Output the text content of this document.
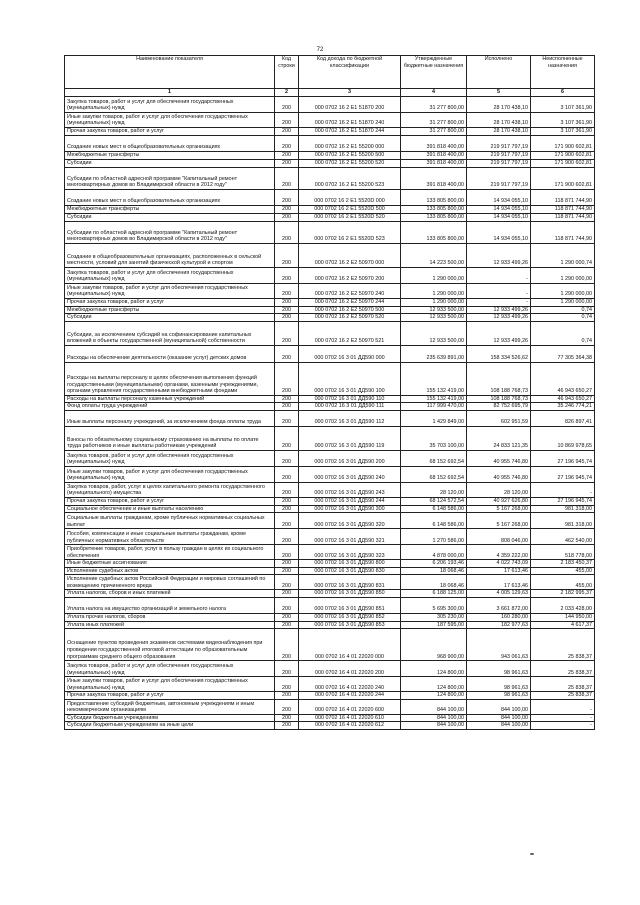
72
Наименование показателя	Код строки	Код дохода по бюджетной классификации	Утвержденные бюджетные назначения	Исполнено	Неисполненные назначения
1	2	3	4	5	6
Закупка товаров, работ и услуг для обеспечения государственных (муниципальных) нужд	200	000 0702 16 2 E1 51870 200	31 277 800,00	28 170 438,10	3 107 361,90
Иные закупки товаров, работ и услуг для обеспечения государственных (муниципальных) нужд	200	000 0702 16 2 E1 51870 240	31 277 800,00	28 170 438,10	3 107 361,90
Прочая закупка товаров, работ и услуг	200	000 0702 16 2 E1 51870 244	31 277 800,00	28 170 438,10	3 107 361,90
Создание новых мест в общеобразовательных организациях	200	000 0702 16 2 E1 55200 000	391 818 400,00	219 917 797,19	171 900 602,81
Межбюджетные трансферты	200	000 0702 16 2 E1 55200 500	391 818 400,00	219 917 797,19	171 900 602,81
Субсидии	200	000 0702 16 2 E1 55200 520	391 818 400,00	219 917 797,19	171 900 602,81
Субсидии по областной адресной программе "Капитальный ремонт многоквартирных домов во Владимирской области в 2012 году"	200	000 0702 16 2 E1 55200 523	391 818 400,00	219 917 797,19	171 900 602,81
Создание новых мест в общеобразовательных организациях	200	000 0702 16 2 E1 5520D 000	133 805 800,00	14 934 055,10	118 871 744,90
Межбюджетные трансферты	200	000 0702 16 2 E1 5520D 500	133 805 800,00	14 934 055,10	118 871 744,90
Субсидии	200	000 0702 16 2 E1 5520D 520	133 805 800,00	14 934 055,10	118 871 744,90
Субсидии по областной адресной программе "Капитальный ремонт многоквартирных домов во Владимирской области в 2012 году"	200	000 0702 16 2 E1 5520D 523	133 805 800,00	14 934 055,10	118 871 744,90
Создание в общеобразовательных организациях, расположенных в сельской местности, условий для занятий физической культурой и спортом	200	000 0702 16 2 E2 50970 000	14 223 500,00	12 933 499,26	1 290 000,74
Закупка товаров, работ и услуг для обеспечения государственных (муниципальных) нужд	200	000 0702 16 2 E2 50970 200	1 290 000,00	-	1 290 000,00
Иные закупки товаров, работ и услуг для обеспечения государственных (муниципальных) нужд	200	000 0702 16 2 E2 50970 240	1 290 000,00	-	1 290 000,00
Прочая закупка товаров, работ и услуг	200	000 0702 16 2 E2 50970 244	1 290 000,00	-	1 290 000,00
Межбюджетные трансферты	200	000 0702 16 2 E2 50970 500	12 933 500,00	12 933 499,26	0,74
Субсидии	200	000 0702 16 2 E2 50970 520	12 933 500,00	12 933 499,26	0,74
Субсидии, за исключением субсидий на софинансирование капитальных вложений в объекты государственной (муниципальной) собственности	200	000 0702 16 2 E2 50970 521	12 933 500,00	12 933 499,26	0,74
Расходы на обеспечение деятельности (оказание услуг) детских домов	200	000 0702 16 3 01 ДД590 000	235 639 891,00	158 334 526,62	77 305 364,38
Расходы на выплаты персоналу в целях обеспечения выполнения функций государственными (муниципальными) органами, казенными учреждениями, органами управления государственными внебюджетными фондами	200	000 0702 16 3 01 ДД590 100	155 132 419,00	108 188 768,73	46 943 650,27
Расходы на выплаты персоналу казенных учреждений	200	000 0702 16 3 01 ДД590 110	155 132 419,00	108 188 768,73	46 943 650,27
Фонд оплаты труда учреждений	200	000 0702 16 3 01 ДД590 111	117 999 470,00	82 752 695,79	35 246 774,21
Иные выплаты персоналу учреждений, за исключением фонда оплаты труда	200	000 0702 16 3 01 ДД590 112	1 429 849,00	602 951,59	826 897,41
Взносы по обязательному социальному страхованию на выплаты по оплате труда работников и иные выплаты работникам учреждений	200	000 0702 16 3 01 ДД590 119	35 703 100,00	24 833 121,35	10 869 978,65
Закупка товаров, работ и услуг для обеспечения государственных (муниципальных) нужд	200	000 0702 16 3 01 ДД590 200	68 152 692,54	40 955 746,80	27 196 945,74
Иные закупки товаров, работ и услуг для обеспечения государственных (муниципальных) нужд	200	000 0702 16 3 01 ДД590 240	68 152 692,54	40 955 746,80	27 196 945,74
Закупка товаров, работ, услуг в целях капитального ремонта государственного (муниципального) имущества	200	000 0702 16 3 01 ДД590 243	28 120,00	28 120,00	-
Прочая закупка товаров, работ и услуг	200	000 0702 16 3 01 ДД590 244	68 124 572,54	40 927 626,80	27 196 945,74
Социальное обеспечение и иные выплаты населению	200	000 0702 16 3 01 ДД590 300	6 148 586,00	5 167 268,00	981 318,00
Социальные выплаты гражданам, кроме публичных нормативных социальных выплат	200	000 0702 16 3 01 ДД590 320	6 148 586,00	5 167 268,00	981 318,00
Пособия, компенсации и иные социальные выплаты гражданам, кроме публичных нормативных обязательств	200	000 0702 16 3 01 ДД590 321	1 270 586,00	808 046,00	462 540,00
Приобретение товаров, работ, услуг в пользу граждан в целях их социального обеспечения	200	000 0702 16 3 01 ДД590 323	4 878 000,00	4 359 222,00	518 778,00
Иные бюджетные ассигнования	200	000 0702 16 3 01 ДД590 800	6 206 193,46	4 022 743,09	2 183 450,37
Исполнение судебных актов	200	000 0702 16 3 01 ДД590 830	18 068,46	17 613,46	455,00
Исполнение судебных актов Российской Федерации и мировых соглашений по возмещению причиненного вреда	200	000 0702 16 3 01 ДД590 831	18 068,46	17 613,46	455,00
Уплата налогов, сборов и иных платежей	200	000 0702 16 3 01 ДД590 850	6 188 125,00	4 005 129,63	2 182 995,37
Уплата налога на имущество организаций и земельного налога	200	000 0702 16 3 01 ДД590 851	5 695 300,00	3 661 872,00	2 033 428,00
Уплата прочих налогов, сборов	200	000 0702 16 3 01 ДД590 852	305 230,00	160 280,00	144 950,00
Уплата иных платежей	200	000 0702 16 3 01 ДД590 853	187 595,00	182 977,63	4 617,37
Оснащение пунктов проведения экзаменов системами видеонаблюдения при проведении государственной итоговой аттестации по образовательным программам среднего общего образования	200	000 0702 16 4 01 22020 000	968 900,00	943 061,63	25 838,37
Закупка товаров, работ и услуг для обеспечения государственных (муниципальных) нужд	200	000 0702 16 4 01 22020 200	124 800,00	98 961,63	25 838,37
Иные закупки товаров, работ и услуг для обеспечения государственных (муниципальных) нужд	200	000 0702 16 4 01 22020 240	124 800,00	98 961,63	25 838,37
Прочая закупка товаров, работ и услуг	200	000 0702 16 4 01 22020 244	124 800,00	98 961,63	25 838,37
Предоставление субсидий бюджетным, автономным учреждениям и иным некоммерческим организациям	200	000 0702 16 4 01 22020 600	844 100,00	844 100,00	-
Субсидии бюджетным учреждениям	200	000 0702 16 4 01 22020 610	844 100,00	844 100,00	-
Субсидии бюджетным учреждениям на иные цели	200	000 0702 16 4 01 22020 612	844 100,00	844 100,00	-
